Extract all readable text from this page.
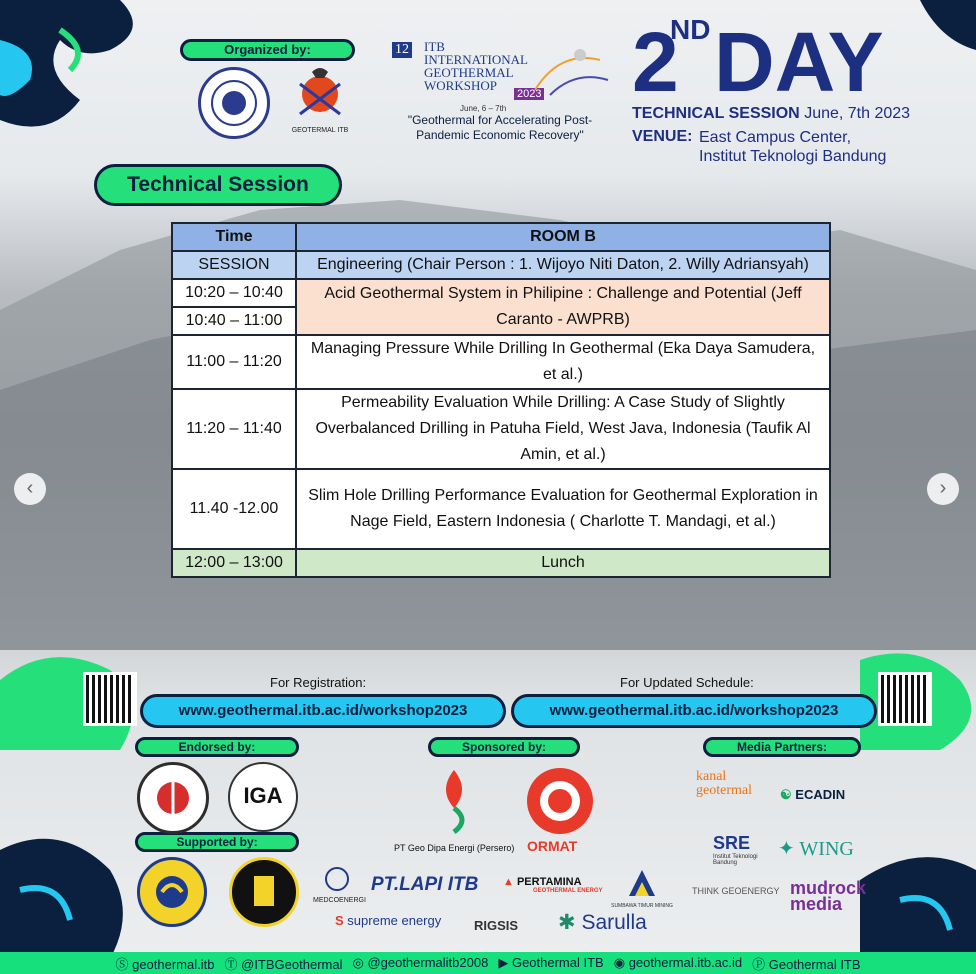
Organized by:
GEOTERMAL ITB
12 ITB
INTERNATIONAL
GEOTHERMAL
WORKSHOP
2023
June, 6 – 7th
"Geothermal for Accelerating Post-Pandemic Economic Recovery"
2
ND DAY
TECHNICAL SESSION June, 7th 2023
VENUE: East Campus Center,
Institut Teknologi Bandung
Technical Session
Time	ROOM B
SESSION	Engineering (Chair Person : 1. Wijoyo Niti Daton, 2. Willy Adriansyah)
10:20 – 10:40	Acid Geothermal System in Philipine : Challenge and Potential (Jeff Caranto - AWPRB)
10:40 – 11:00	
11:00 – 11:20	Managing Pressure While Drilling In Geothermal (Eka Daya Samudera, et al.)
11:20 – 11:40	Permeability Evaluation While Drilling: A Case Study of Slightly Overbalanced Drilling in Patuha Field, West Java, Indonesia (Taufik Al Amin, et al.)
11.40 -12.00	Slim Hole Drilling Performance Evaluation for Geothermal Exploration in Nage Field, Eastern Indonesia ( Charlotte T. Mandagi, et al.)
12:00 – 13:00	Lunch
‹	›
For Registration:	For Updated Schedule:
www.geothermal.itb.ac.id/workshop2023	www.geothermal.itb.ac.id/workshop2023
Endorsed by:
Supported by:
Sponsored by:	Media Partners:
IGA
PT Geo Dipa Energi (Persero) ORMAT
MEDCOENERGI
PT.LAPI ITB ▲ PERTAMINA
GEOTHERMAL ENERGY
SUMBAWA TIMUR MINING
S supreme energy	RIGSIS ✱ Sarulla
kanal geotermal	☯ ECADIN
SRE
Institut Teknologi Bandung
✦ WING
THINK GEOENERGY mudrock media
Ⓢ geothermal.itb Ⓣ @ITBGeothermal ◎ @geothermalitb2008 ▶ Geothermal ITB ◉ geothermal.itb.ac.id Ⓟ Geothermal ITB
